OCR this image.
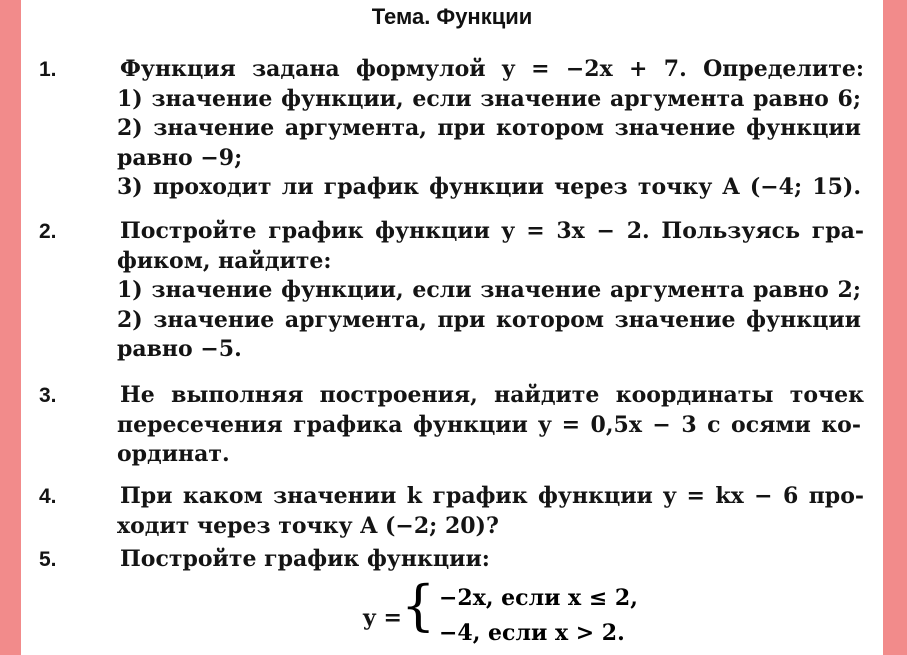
Тема. Функции
1.	Функция задана формулой y = −2x + 7. Определите:
1) значение функции, если значение аргумента равно 6;
2) значение аргумента, при котором значение функции
равно −9;
3) проходит ли график функции через точку A (−4; 15).
2.	Постройте график функции y = 3x − 2. Пользуясь гра-
фиком, найдите:
1) значение функции, если значение аргумента равно 2;
2) значение аргумента, при котором значение функции
равно −5.
3.	Не выполняя построения, найдите координаты точек
пересечения графика функции y = 0,5x − 3 с осями ко-
ординат.
4.	При каком значении k график функции y = kx − 6 про-
ходит через точку A (−2; 20)?
5.	Постройте график функции:
y = { −2x, если x ≤ 2,
−4, если x > 2.
